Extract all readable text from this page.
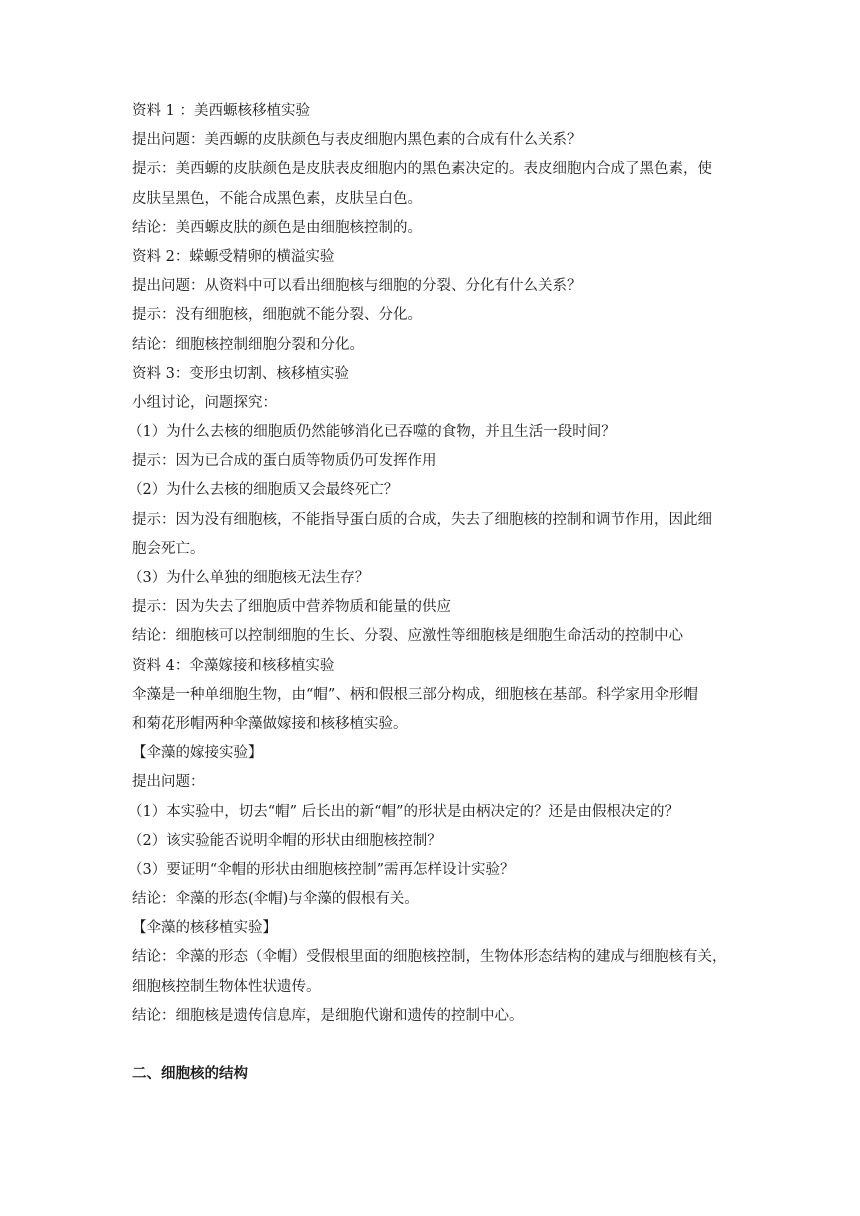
资料 1 ：美西螈核移植实验
提出问题：美西螈的皮肤颜色与表皮细胞内黑色素的合成有什么关系？
提示：美西螈的皮肤颜色是皮肤表皮细胞内的黑色素决定的。表皮细胞内合成了黑色素，使
皮肤呈黑色，不能合成黑色素，皮肤呈白色。
结论：美西螈皮肤的颜色是由细胞核控制的。
资料 2：蝾螈受精卵的横溢实验
提出问题：从资料中可以看出细胞核与细胞的分裂、分化有什么关系？
提示：没有细胞核，细胞就不能分裂、分化。
结论：细胞核控制细胞分裂和分化。
资料 3：变形虫切割、核移植实验
小组讨论，问题探究：
（1）为什么去核的细胞质仍然能够消化已吞噬的食物，并且生活一段时间？
提示：因为已合成的蛋白质等物质仍可发挥作用
（2）为什么去核的细胞质又会最终死亡？
提示：因为没有细胞核，不能指导蛋白质的合成，失去了细胞核的控制和调节作用，因此细
胞会死亡。
（3）为什么单独的细胞核无法生存？
提示：因为失去了细胞质中营养物质和能量的供应
结论：细胞核可以控制细胞的生长、分裂、应激性等细胞核是细胞生命活动的控制中心
资料 4：伞藻嫁接和核移植实验
伞藻是一种单细胞生物，由“帽”、柄和假根三部分构成，细胞核在基部。科学家用伞形帽
和菊花形帽两种伞藻做嫁接和核移植实验。
【伞藻的嫁接实验】
提出问题：
（1）本实验中，切去“帽” 后长出的新“帽”的形状是由柄决定的？还是由假根决定的？
（2）该实验能否说明伞帽的形状由细胞核控制？
（3）要证明“伞帽的形状由细胞核控制”需再怎样设计实验？
结论：伞藻的形态(伞帽)与伞藻的假根有关。
【伞藻的核移植实验】
结论：伞藻的形态（伞帽）受假根里面的细胞核控制，生物体形态结构的建成与细胞核有关，
细胞核控制生物体性状遗传。
结论：细胞核是遗传信息库，是细胞代谢和遗传的控制中心。
二、细胞核的结构
